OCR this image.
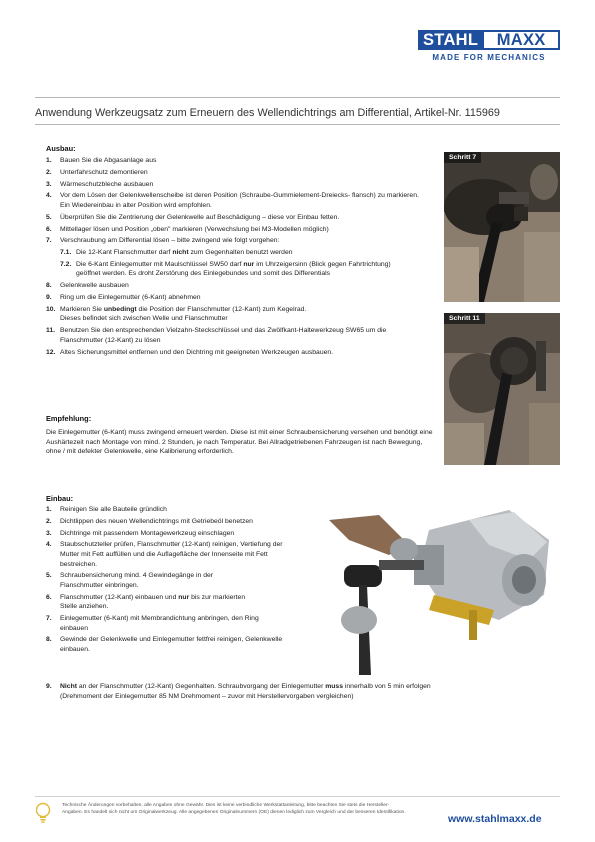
STAHL	MAXX
MADE FOR MECHANICS
Anwendung Werkzeugsatz zum Erneuern des Wellendichtrings am Differential, Artikel-Nr. 115969
Ausbau:
1.	Bauen Sie die Abgasanlage aus
2.	Unterfahrschutz demontieren
3.	Wärmeschutzbleche ausbauen
4.	Vor dem Lösen der Gelenkwellenscheibe ist deren Position (Schraube-Gummielement-Dreiecks- flansch) zu markieren. Ein Wiedereinbau in alter Position wird empfohlen.
5.	Überprüfen Sie die Zentrierung der Gelenkwelle auf Beschädigung – diese vor Einbau fetten.
6.	Mittellager lösen und Position „oben" markieren (Verwechslung bei M3-Modellen möglich)
7.	Verschraubung am Differential lösen – bitte zwingend wie folgt vorgehen:
7.1. Die 12-Kant Flanschmutter darf nicht zum Gegenhalten benutzt werden
7.2. Die 6-Kant Einlegemutter mit Maulschlüssel SW50 darf nur im Uhrzeigersinn (Blick gegen Fahrtrichtung) geöffnet werden. Es droht Zerstörung des Einlegebundes und somit des Differentials
8.	Gelenkwelle ausbauen
9.	Ring um die Einlegemutter (6-Kant) abnehmen
10. Markieren Sie unbedingt die Position der Flanschmutter (12-Kant) zum Kegelrad.
Dieses befindet sich zwischen Welle und Flanschmutter
11. Benutzen Sie den entsprechenden Vielzahn-Steckschlüssel und das Zwölfkant-Haltewerkzeug SW65 um die Flanschmutter (12-Kant) zu lösen
12. Altes Sicherungsmittel entfernen und den Dichtring mit geeigneten Werkzeugen ausbauen.
Schritt 7
Schritt 11
Empfehlung:
Die Einlegemutter (6-Kant) muss zwingend erneuert werden. Diese ist mit einer Schraubensicherung versehen und benötigt eine Aushärtezeit nach Montage von mind. 2 Stunden, je nach Temperatur. Bei Allradgetriebenen Fahrzeugen ist nach Bewegung, ohne / mit defekter Gelenkwelle, eine Kalibrierung erforderlich.
Einbau:
1.	Reinigen Sie alle Bauteile gründlich
2.	Dichtlippen des neuen Wellendichtrings mit Getriebeöl benetzen
3.	Dichtringe mit passendem Montagewerkzeug einschlagen
4.	Staubschutzteller prüfen, Flanschmutter (12-Kant) reinigen, Vertiefung der Mutter mit Fett auffüllen und die Auflagefläche der Innenseite mit Fett bestreichen.
5.	Schraubensicherung mind. 4 Gewindegänge in der Flanschmutter einbringen.
6.	Flanschmutter (12-Kant) einbauen und nur bis zur markierten Stelle anziehen.
7.	Einlegemutter (6-Kant) mit Membrandichtung anbringen, den Ring einbauen
8.	Gewinde der Gelenkwelle und Einlegemutter fettfrei reinigen, Gelenkwelle einbauen.
9.	Nicht an der Flanschmutter (12-Kant) Gegenhalten. Schraubvorgang der Einlegemutter muss innerhalb von 5 min erfolgen (Drehmoment der Einlegemutter 85 NM Drehmoment – zuvor mit Herstellervorgaben vergleichen)
Technische Änderungen vorbehalten, alle Angaben ohne Gewähr. Dies ist keine verbindliche Werkstattanleitung, bitte beachten Sie stets die Hersteller-Angaben. Es handelt sich nicht um Originalwerkzeug. Alle angegebenen Originalnummern (OE) dienen lediglich zum Vergleich und der besseren Identifikation.
www.stahlmaxx.de
